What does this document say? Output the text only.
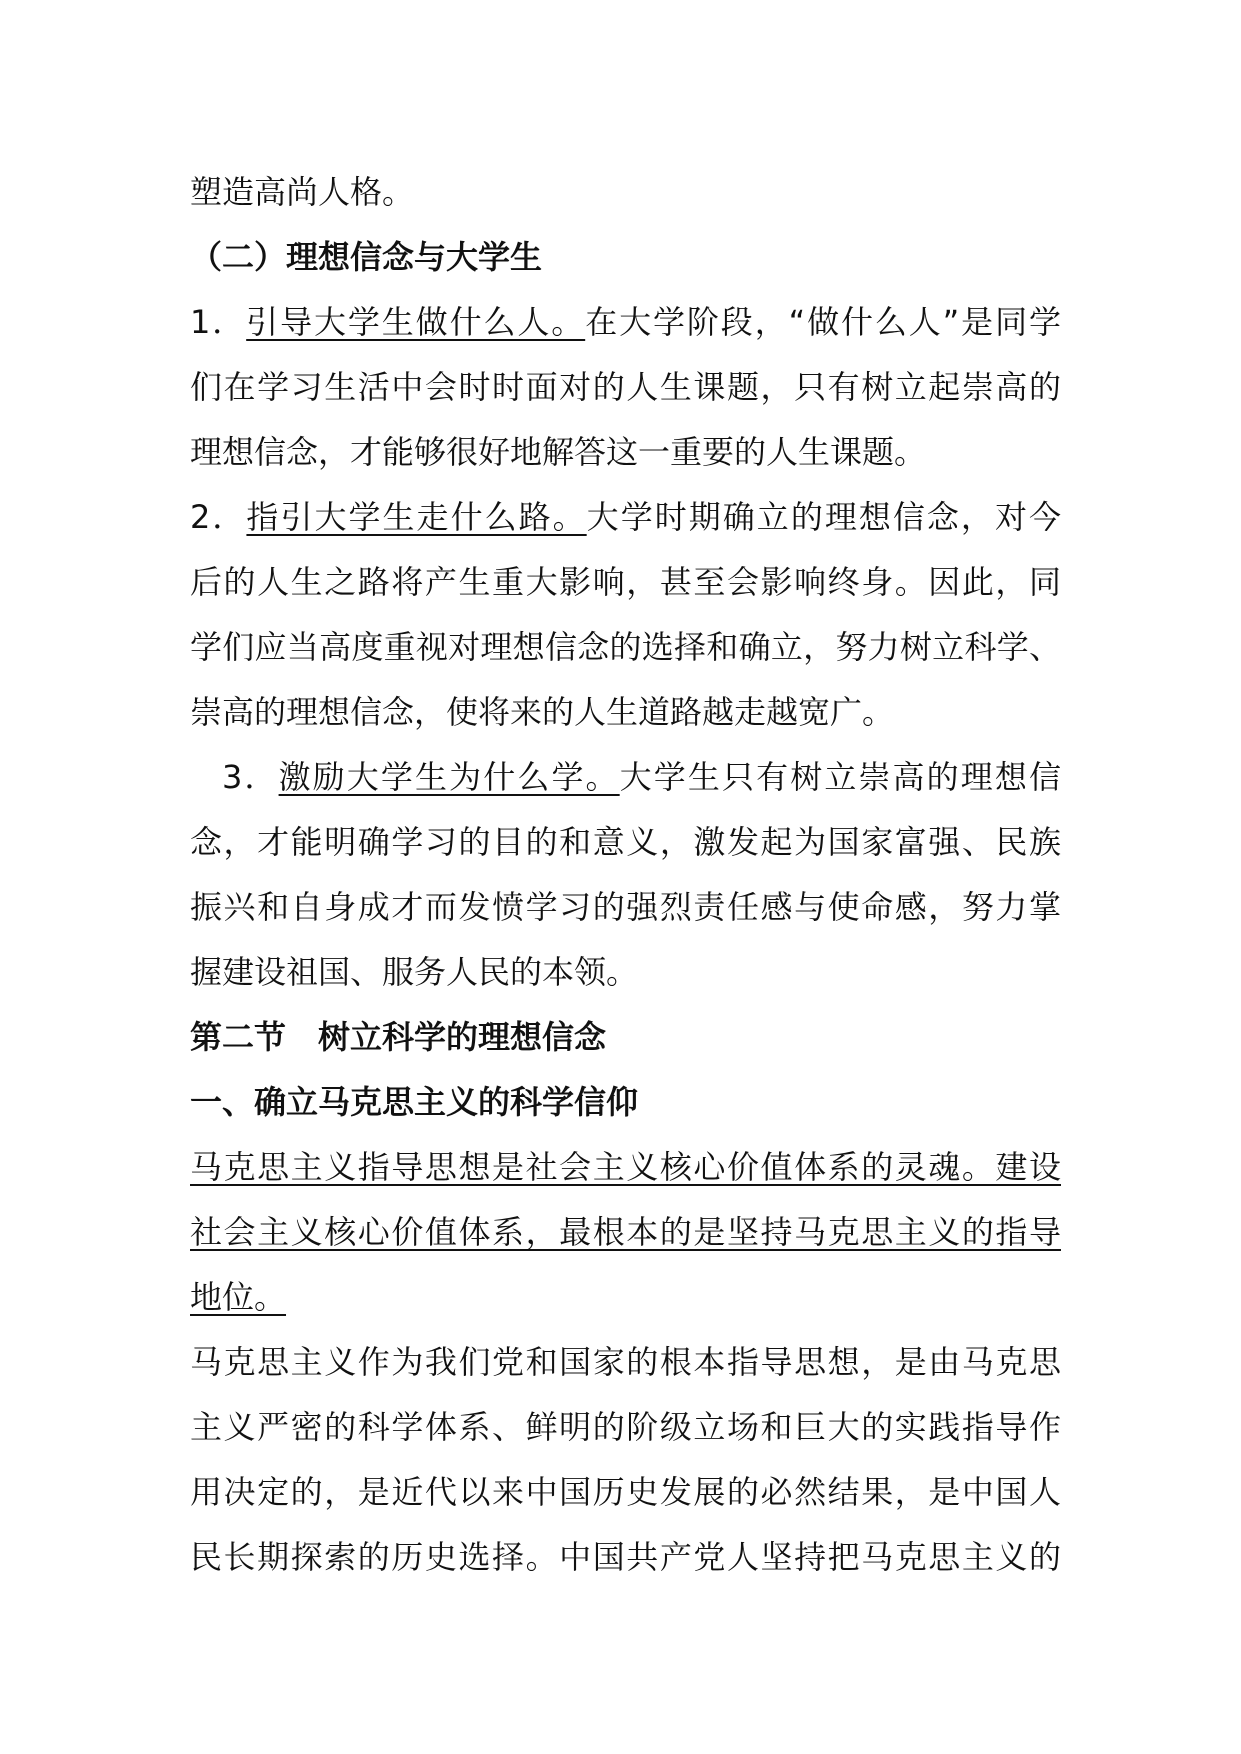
塑造高尚人格。
（二）理想信念与大学生
1．引导大学生做什么人。在大学阶段，“做什么人”是同学
们在学习生活中会时时面对的人生课题，只有树立起崇高的
理想信念，才能够很好地解答这一重要的人生课题。
2．指引大学生走什么路。大学时期确立的理想信念，对今
后的人生之路将产生重大影响，甚至会影响终身。因此，同
学们应当高度重视对理想信念的选择和确立，努力树立科学、
崇高的理想信念，使将来的人生道路越走越宽广。
3．激励大学生为什么学。大学生只有树立崇高的理想信
念，才能明确学习的目的和意义，激发起为国家富强、民族
振兴和自身成才而发愤学习的强烈责任感与使命感，努力掌
握建设祖国、服务人民的本领。
第二节　树立科学的理想信念
一、确立马克思主义的科学信仰
马克思主义指导思想是社会主义核心价值体系的灵魂。建设
社会主义核心价值体系，最根本的是坚持马克思主义的指导
地位。
马克思主义作为我们党和国家的根本指导思想，是由马克思
主义严密的科学体系、鲜明的阶级立场和巨大的实践指导作
用决定的，是近代以来中国历史发展的必然结果，是中国人
民长期探索的历史选择。中国共产党人坚持把马克思主义的
